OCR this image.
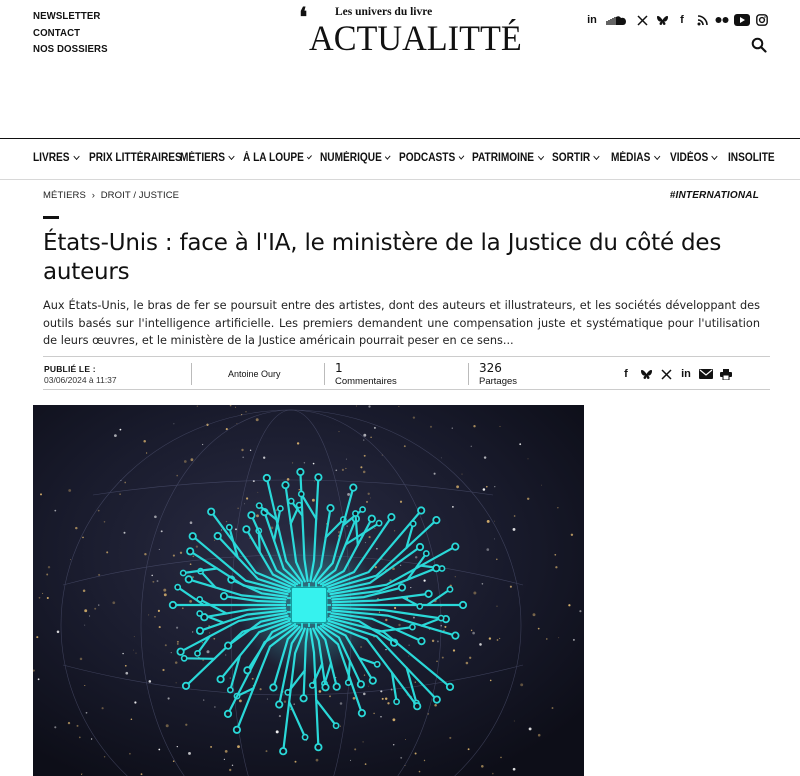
NEWSLETTER
CONTACT
NOS DOSSIERS
❛ Les univers du livre
ACTUALITTÉ	in	f
LIVRES PRIX LITTÉRAIRES
MÉTIERS À LA LOUPE NUMÉRIQUE PODCASTS PATRIMOINE SORTIR MÉDIAS VIDÉOS INSOLITE
MÉTIERS › DROIT / JUSTICE	#INTERNATIONAL
États-Unis : face à l'IA, le ministère de la Justice du côté des auteurs

Aux États-Unis, le bras de fer se poursuit entre des artistes, dont des auteurs et illustrateurs, et les sociétés développant des outils basés sur l'intelligence artificielle. Les premiers demandent une compensation juste et systématique pour l'utilisation de leurs œuvres, et le ministère de la Justice américain pourrait peser en ce sens...

PUBLIÉ LE :
03/06/2024 à 11:37
Antoine Oury	1
Commentaires
326
Partages
f	in
